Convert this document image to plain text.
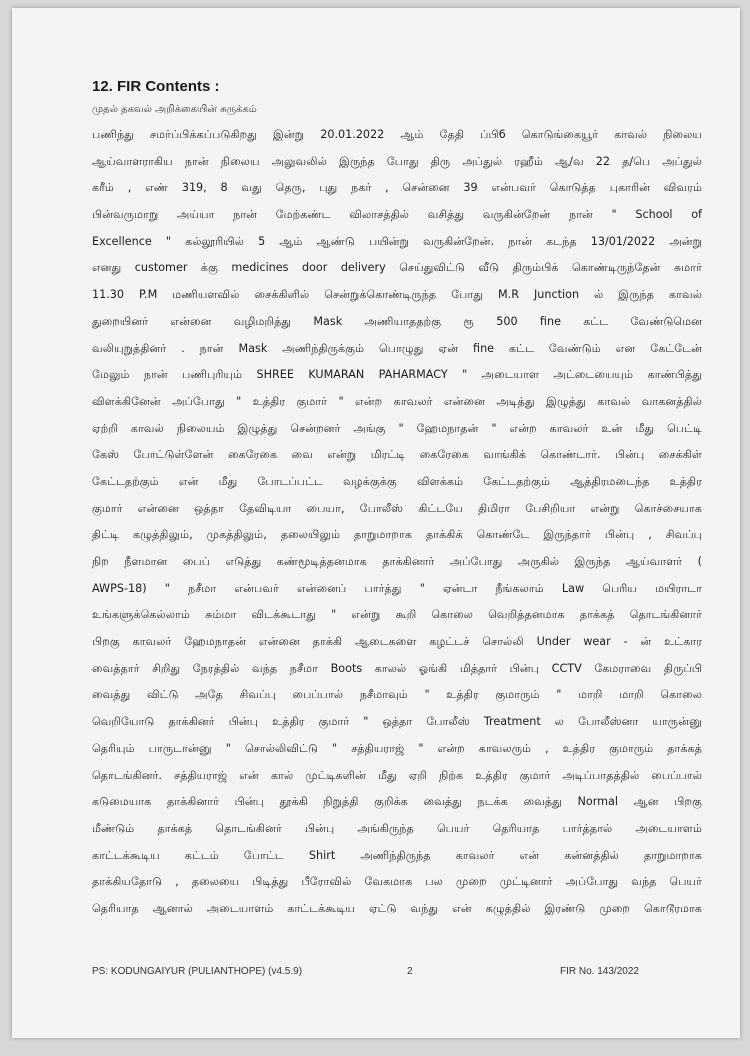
12. FIR Contents :
முதல் தகவல் அறிக்கையின் சுருக்கம்
பணிந்து சமர்ப்பிக்கப்படுகிறது இன்று 20.01.2022 ஆம் தேதி ப்பி6 கொடுங்கையூர் காவல் நிலைய
ஆய்வாளராகிய நான் நிலைய அலுவலில் இருந்த போது திரு அப்துல் ரஹீம் ஆ/வ 22 த/பெ அப்துல்
கரீம் , எண் 319, 8 வது தெரு, புது நகர் , சென்னை 39 என்பவர் கொடுத்த புகாரின் விவரம்
பின்வருமாறு அய்யா நான் மேற்கண்ட விலாசத்தில் வசித்து வருகின்றேன் நான் " School of
Excellence " கல்லூரியில் 5 ஆம் ஆண்டு பயின்று வருகின்றேன். நான் கடந்த 13/01/2022 அன்று
எனது customer க்கு medicines door delivery செய்துவிட்டு வீடு திரும்பிக் கொண்டிருந்தேன் சுமார்
11.30 P.M மணியளவில் சைக்கிளில் சென்றுக்கொண்டிருந்த போது M.R Junction ல் இருந்த காவல்
துறையினர் என்னை வழிமறித்து Mask அணியாததற்கு ரூ 500 fine கட்ட வேண்டுமென
வலியுறுத்தினர் . நான் Mask அணிந்திருக்கும் பொழுது ஏன் fine கட்ட வேண்டும் என கேட்டேன்
மேலும் நான் பணிபுரியும் SHREE KUMARAN PAHARMACY " அடையாள அட்டையையும் காண்பித்து
விளக்கினேன் அப்போது " உத்திர குமார் " என்ற காவலர் என்னை அடித்து இழுத்து காவல் வாகனத்தில்
ஏற்றி காவல் நிலையம் இழுத்து சென்றனர் அங்கு " ஹேமநாதன் " என்ற காவலர் உன் மீது பெட்டி
கேஸ் போட்டுள்ளேன் கைரேகை வை என்று மிரட்டி கைரேகை வாங்கிக் கொண்டார். பின்பு சைக்கிள்
கேட்டதற்கும் என் மீது போடப்பட்ட வழக்குக்கு விளக்கம் கேட்டதற்கும் ஆத்திரமடைந்த உத்திர
குமார் என்னை ஒத்தா தேவிடியா பையா, போலீஸ் கிட்டயே திமிரா பேசிறியா என்று கொச்சையாக
திட்டி கழுத்திலும், முகத்திலும், தலையிலும் தாறுமாறாக தாக்கிக் கொண்டே இருந்தார் பின்பு , சிவப்பு
நிற நீளமான பைப் எடுத்து கண்மூடித்தனமாக தாக்கினார் அப்போது அருகில் இருந்த ஆய்வாளர் (
AWPS-18) " நசீமா என்பவர் என்னைப் பார்த்து " ஏன்டா நீங்கலாம் Law பெரிய மயிராடா
உங்களுக்கெல்லாம் சும்மா விடக்கூடாது " என்று கூறி கொலை வெறித்தனமாக தாக்கத் தொடங்கினார்
பிறகு காவலர் ஹேமநாதன் என்னை தாக்கி ஆடைகளை கழட்டச் சொல்லி Under wear - ன் உட்கார
வைத்தார் சிறிது நேரத்தில் வந்த நசீமா Boots காலல் ஓங்கி மித்தார் பின்பு CCTV கேமராவை திருப்பி
வைத்து விட்டு அதே சிவப்பு பைப்பால் நசீமாவும் " உத்திர குமாரும் " மாறி மாறி கொலை
வெறியோடு தாக்கினர் பின்பு உத்திர குமார் " ஒத்தா போலீஸ் Treatment ல போலீஸ்னா யாருன்னு
தெரியும் பாருடான்னு " சொல்லிவிட்டு " சத்தியராஜ் " என்ற காவலரும் , உத்திர குமாரும் தாக்கத்
தொடங்கினர். சத்தியராஜ் என் கால் முட்டிகளின் மீது ஏறி நிற்க உத்திர குமார் அடிப்பாதத்தில் பைப்பால்
கடுமையாக தாக்கினார் பின்பு தூக்கி நிறுத்தி குறிக்க வைத்து நடக்க வைத்து Normal ஆன பிறகு
மீண்டும் தாக்கத் தொடங்கினர் பின்பு அங்கிருந்த பெயர் தெரியாத பார்த்தால் அடையாளம்
காட்டக்கூடிய கட்டம் போட்ட Shirt அணிந்திருந்த காவலர் என் கன்னத்தில் தாறுமாறாக
தாக்கியதோடு , தலையை பிடித்து பீரோவில் வேகமாக பல முறை முட்டினார் அப்போது வந்த பெயர்
தெரியாத ஆனால் அடையாளம் காட்டக்கூடிய ஏட்டு வந்து என் கழுத்தில் இரண்டு முறை கொடூரமாக
PS: KODUNGAIYUR (PULIANTHOPE) (v4.5.9)	2	FIR No. 143/2022
